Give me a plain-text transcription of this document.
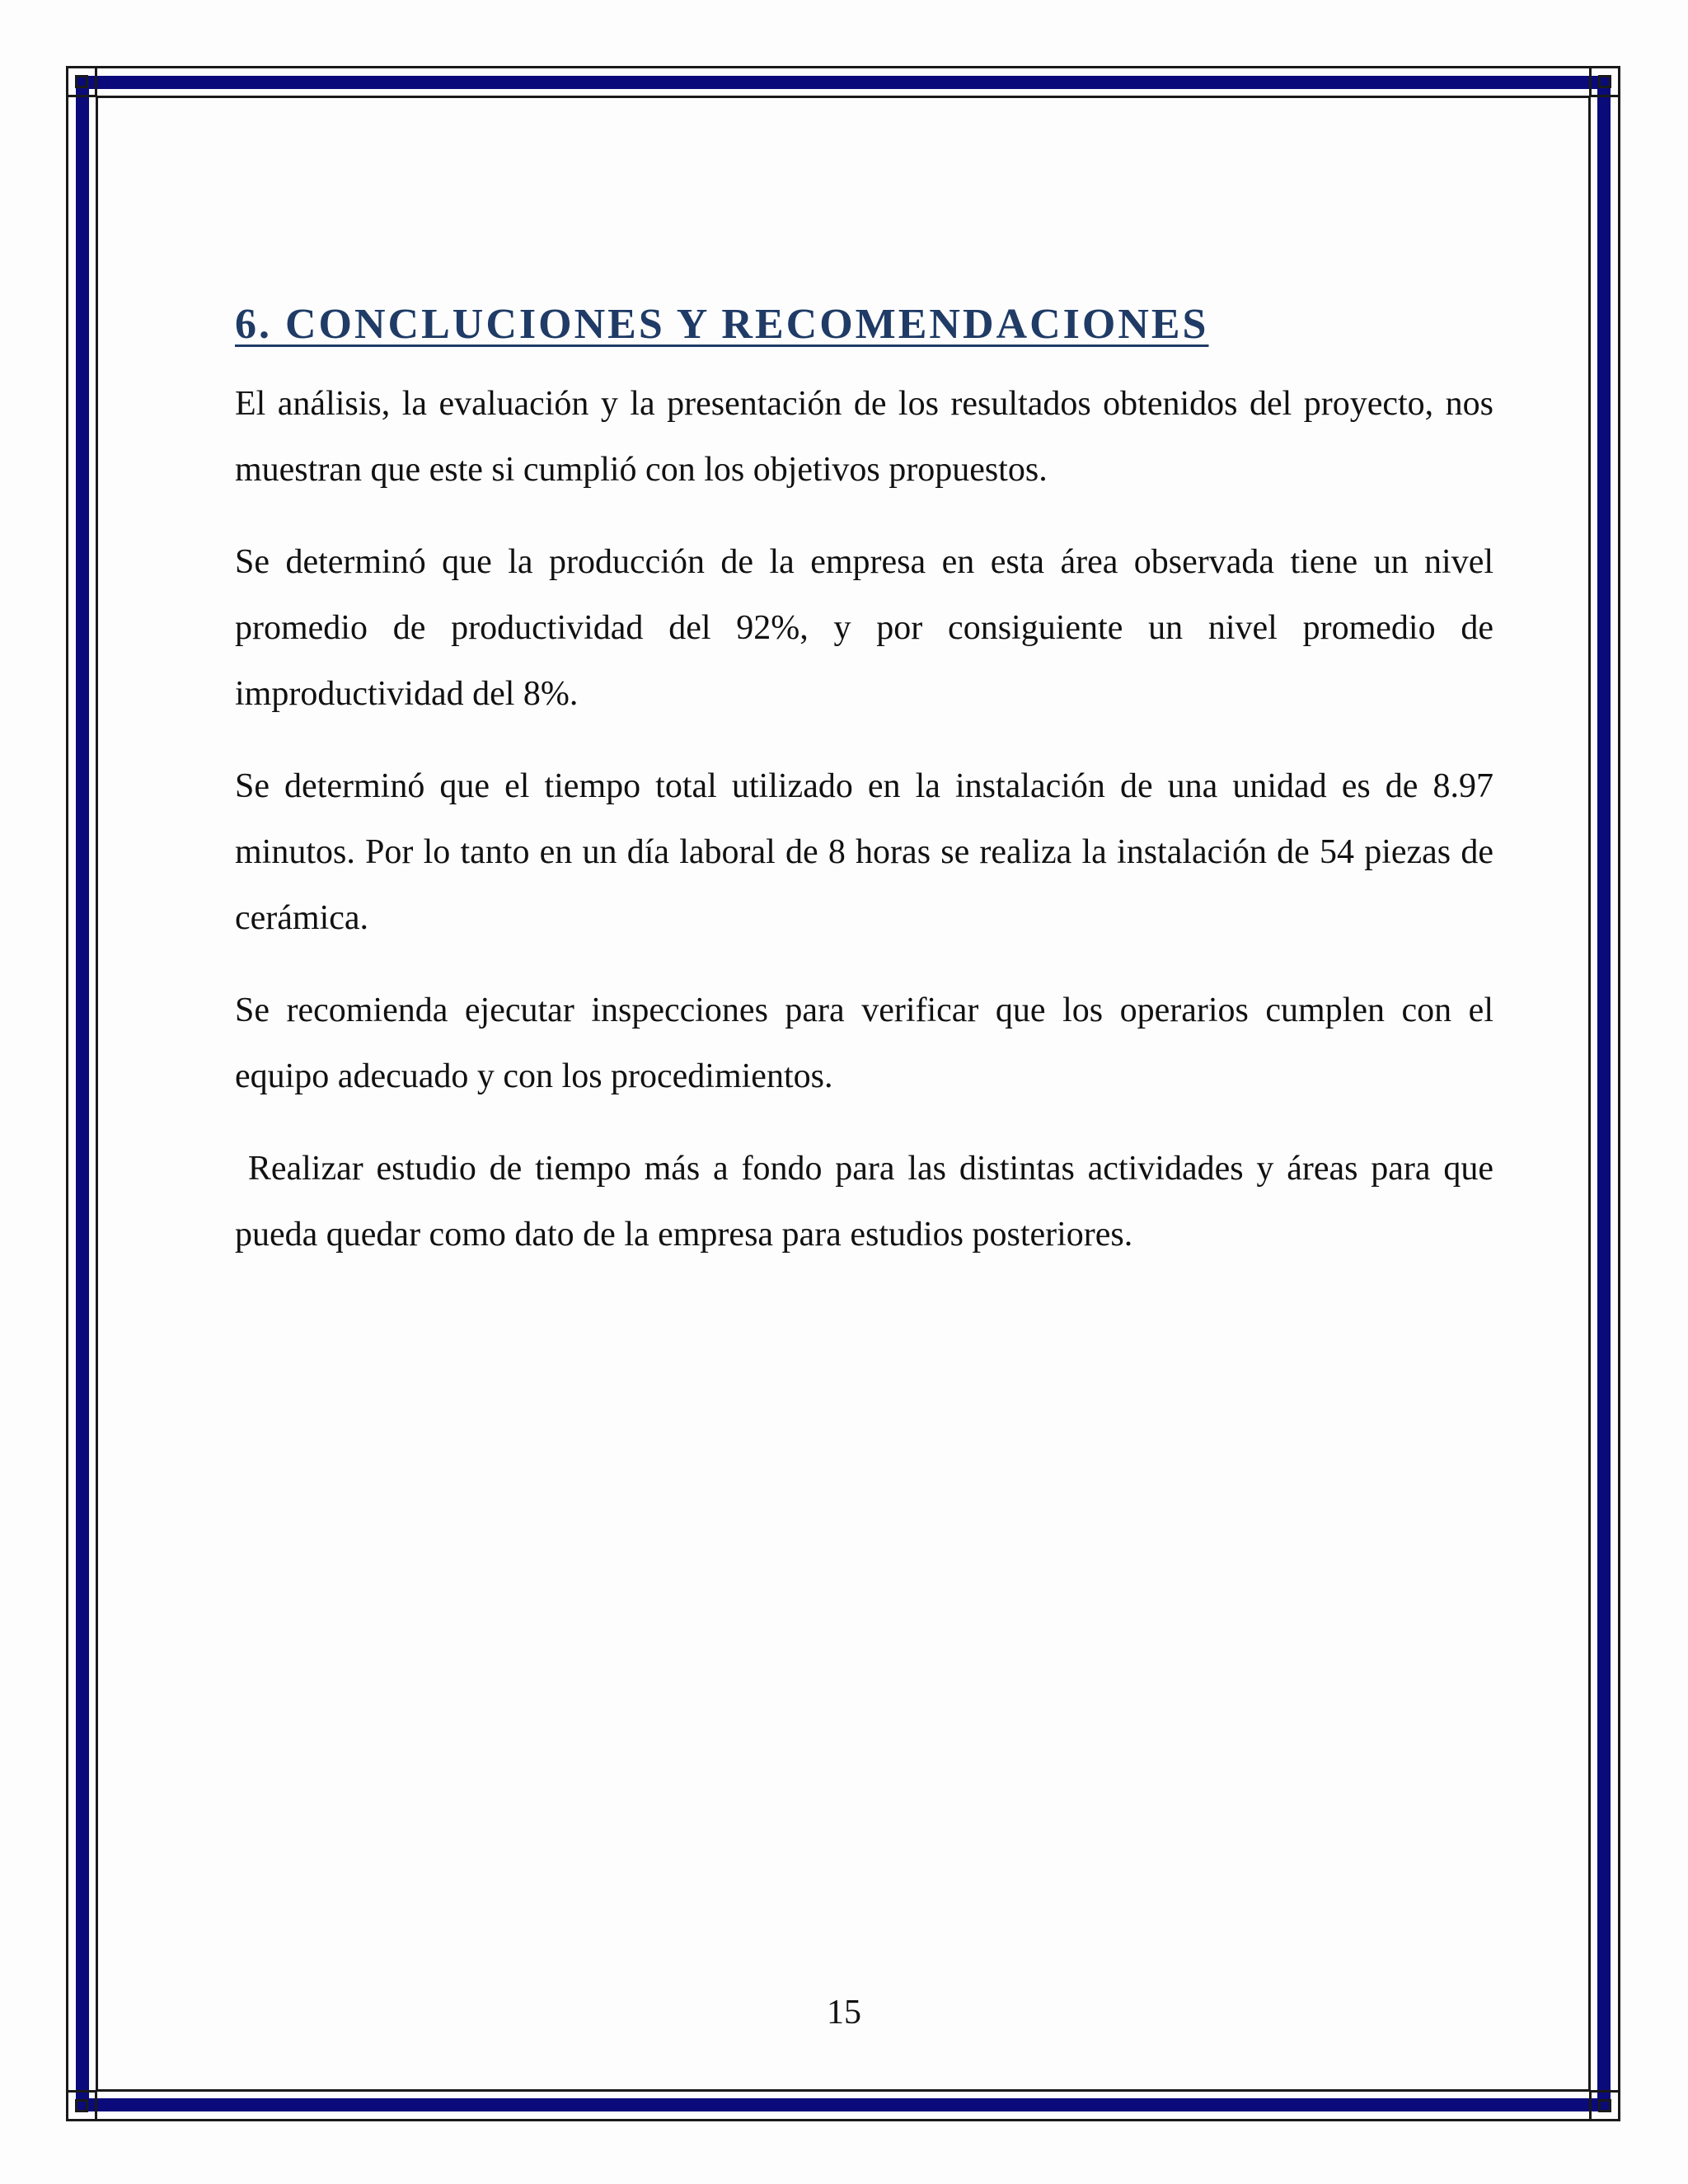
6. CONCLUCIONES Y RECOMENDACIONES

El análisis, la evaluación y la presentación de los resultados obtenidos del proyecto, nos muestran que este si cumplió con los objetivos propuestos.

Se determinó que la producción de la empresa en esta área observada tiene un nivel promedio de productividad del 92%, y por consiguiente un nivel promedio de improductividad del 8%.

Se determinó que el tiempo total utilizado en la instalación de una unidad es de 8.97 minutos. Por lo tanto en un día laboral de 8 horas se realiza la instalación de 54 piezas de cerámica.

Se recomienda ejecutar inspecciones para verificar que los operarios cumplen con el equipo adecuado y con los procedimientos.

Realizar estudio de tiempo más a fondo para las distintas actividades y áreas para que pueda quedar como dato de la empresa para estudios posteriores.

15
